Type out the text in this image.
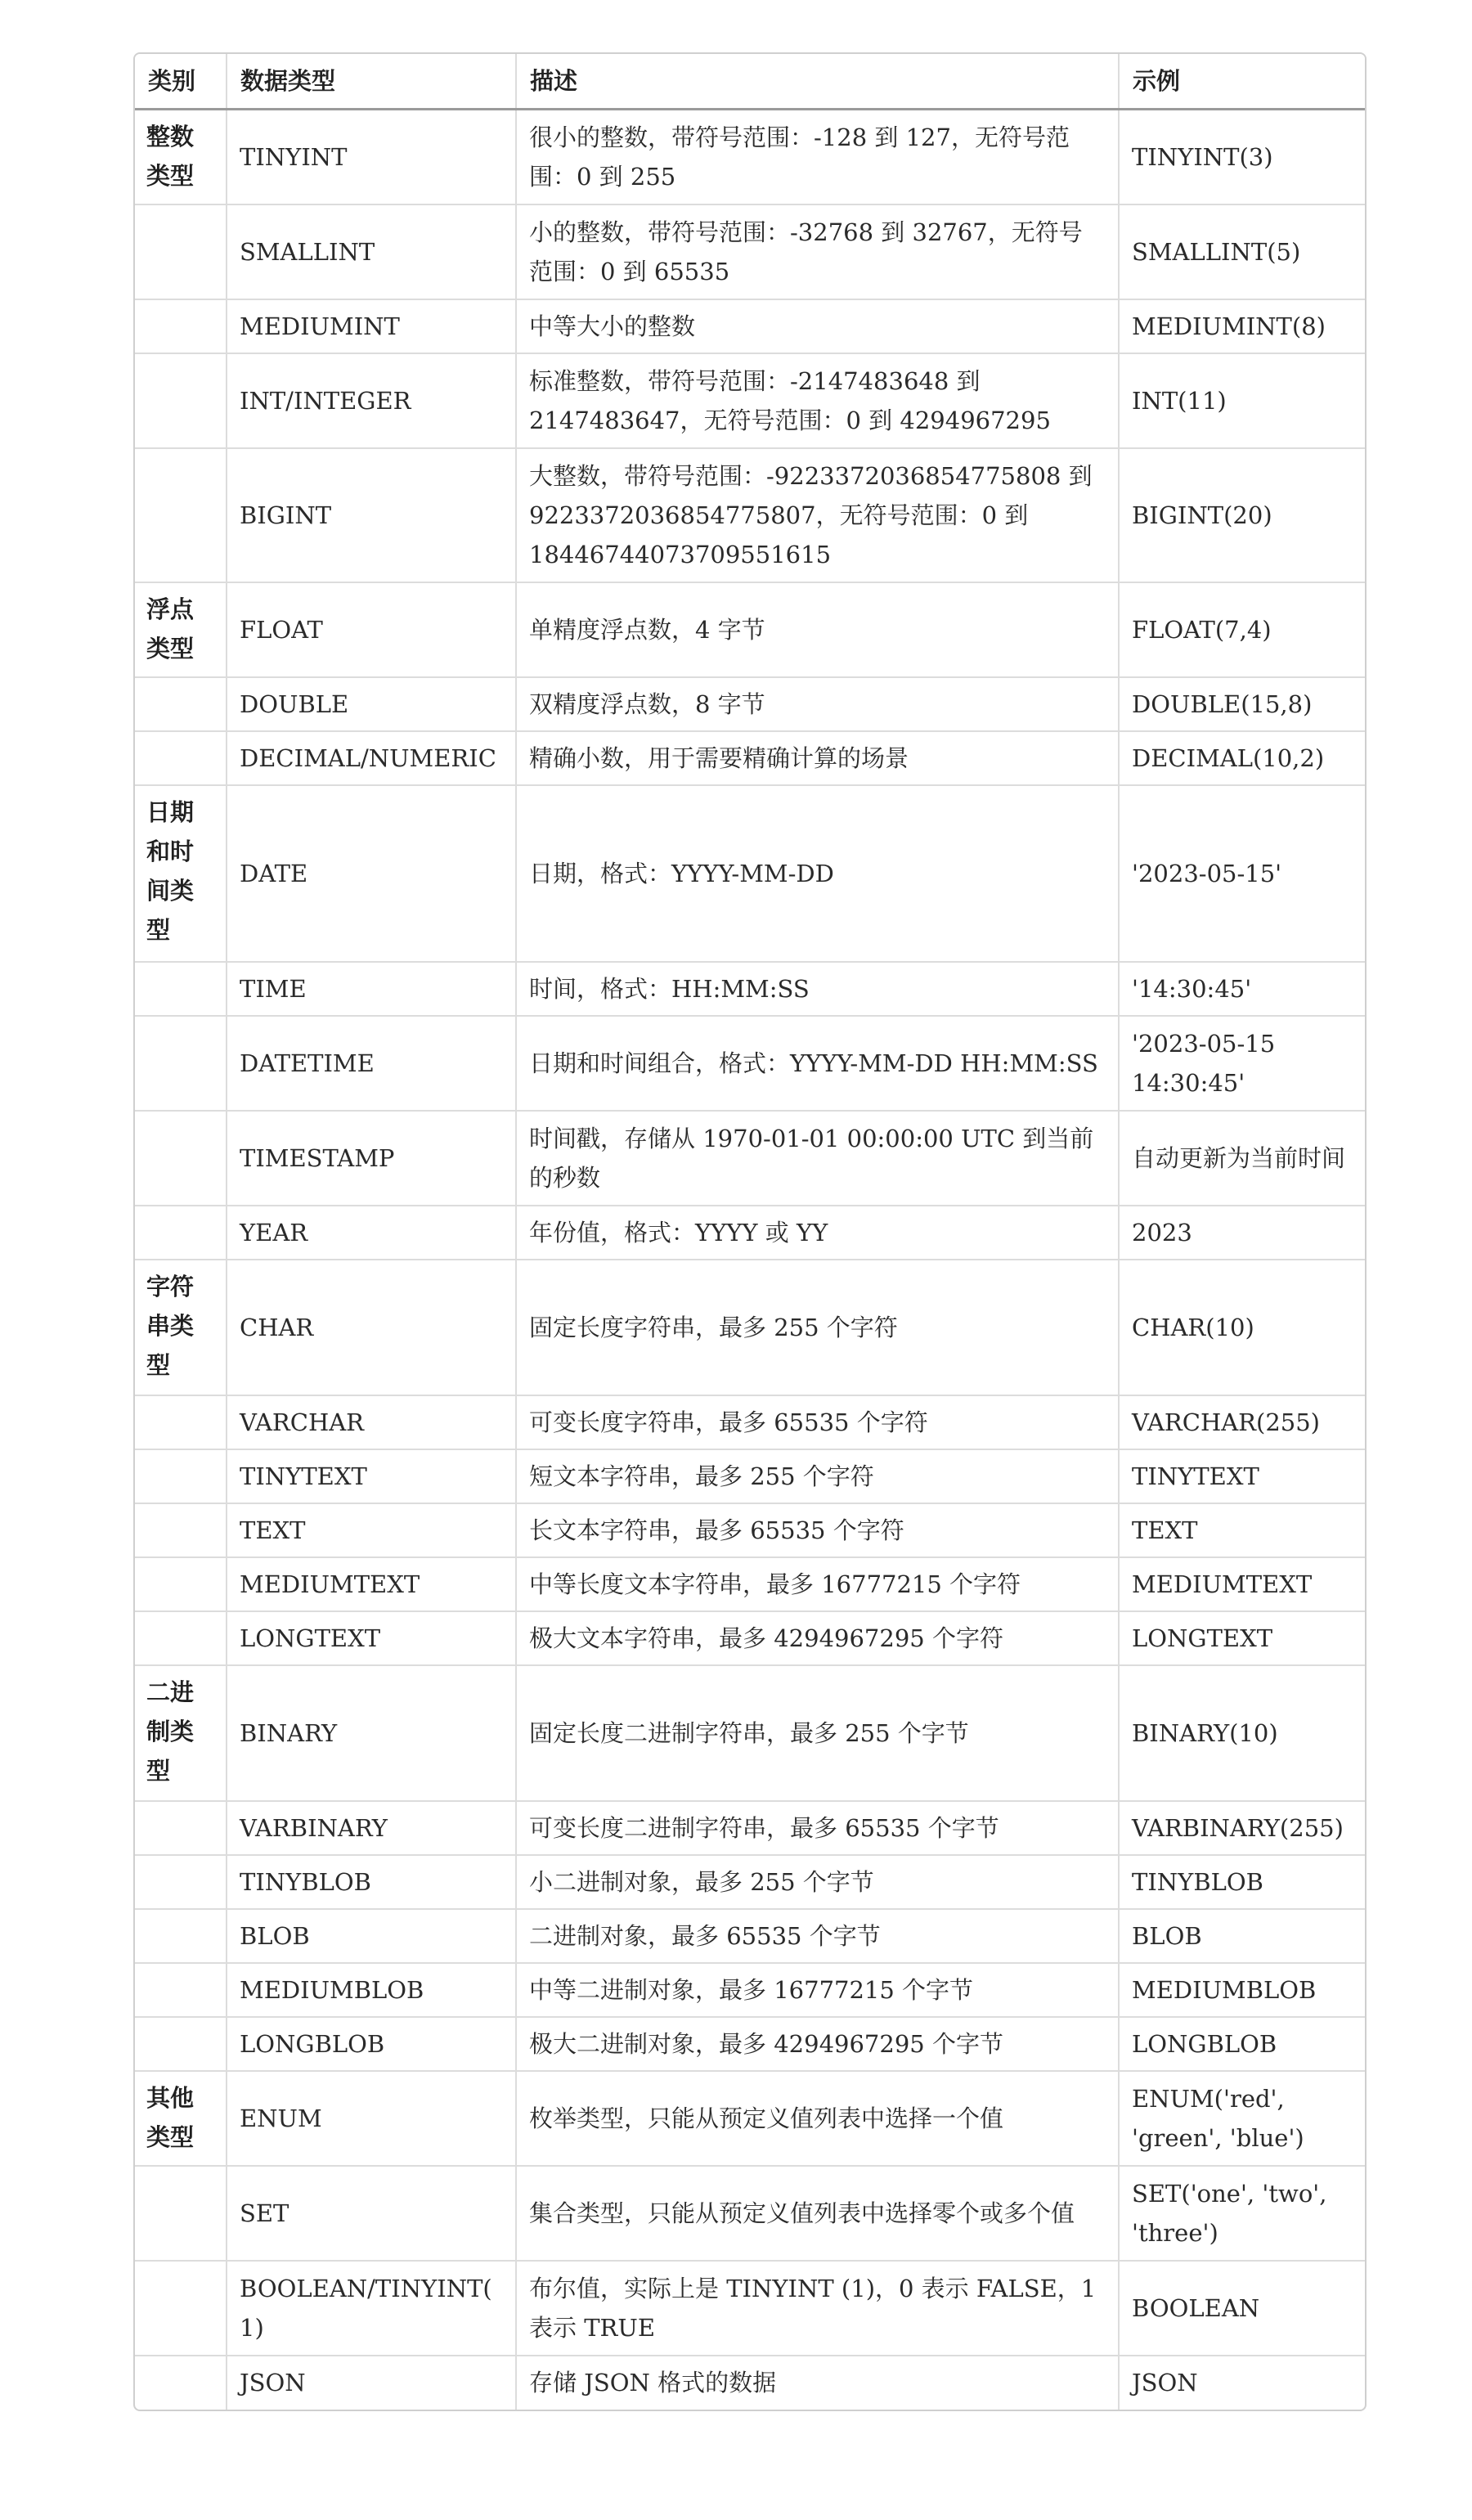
类别	数据类型	描述	示例

整数类型	TINYINT	很小的整数，带符号范围：-128 到 127，无符号范围：0 到 255	TINYINT(3)

	SMALLINT	小的整数，带符号范围：-32768 到 32767，无符号范围：0 到 65535	SMALLINT(5)

	MEDIUMINT	中等大小的整数	MEDIUMINT(8)

	INT/INTEGER	标准整数，带符号范围：-2147483648 到 2147483647，无符号范围：0 到 4294967295	INT(11)

	BIGINT	大整数，带符号范围：-9223372036854775808 到 9223372036854775807，无符号范围：0 到 18446744073709551615	BIGINT(20)

浮点类型	FLOAT	单精度浮点数，4 字节	FLOAT(7,4)

	DOUBLE	双精度浮点数，8 字节	DOUBLE(15,8)

	DECIMAL/NUMERIC	精确小数，用于需要精确计算的场景	DECIMAL(10,2)

日期和时间类型	DATE	日期，格式：YYYY-MM-DD	'2023-05-15'

	TIME	时间，格式：HH:MM:SS	'14:30:45'

	DATETIME	日期和时间组合，格式：YYYY-MM-DD HH:MM:SS	'2023-05-15 14:30:45'

	TIMESTAMP	时间戳，存储从 1970-01-01 00:00:00 UTC 到当前的秒数	自动更新为当前时间

	YEAR	年份值，格式：YYYY 或 YY	2023

字符串类型	CHAR	固定长度字符串，最多 255 个字符	CHAR(10)

	VARCHAR	可变长度字符串，最多 65535 个字符	VARCHAR(255)

	TINYTEXT	短文本字符串，最多 255 个字符	TINYTEXT

	TEXT	长文本字符串，最多 65535 个字符	TEXT

	MEDIUMTEXT	中等长度文本字符串，最多 16777215 个字符	MEDIUMTEXT

	LONGTEXT	极大文本字符串，最多 4294967295 个字符	LONGTEXT

二进制类型	BINARY	固定长度二进制字符串，最多 255 个字节	BINARY(10)

	VARBINARY	可变长度二进制字符串，最多 65535 个字节	VARBINARY(255)

	TINYBLOB	小二进制对象，最多 255 个字节	TINYBLOB

	BLOB	二进制对象，最多 65535 个字节	BLOB

	MEDIUMBLOB	中等二进制对象，最多 16777215 个字节	MEDIUMBLOB

	LONGBLOB	极大二进制对象，最多 4294967295 个字节	LONGBLOB

其他类型	ENUM	枚举类型，只能从预定义值列表中选择一个值	ENUM('red', 'green', 'blue')

	SET	集合类型，只能从预定义值列表中选择零个或多个值	SET('one', 'two', 'three')

	BOOLEAN/TINYINT(1)	布尔值，实际上是 TINYINT (1)，0 表示 FALSE，1 表示 TRUE	BOOLEAN

	JSON	存储 JSON 格式的数据	JSON
